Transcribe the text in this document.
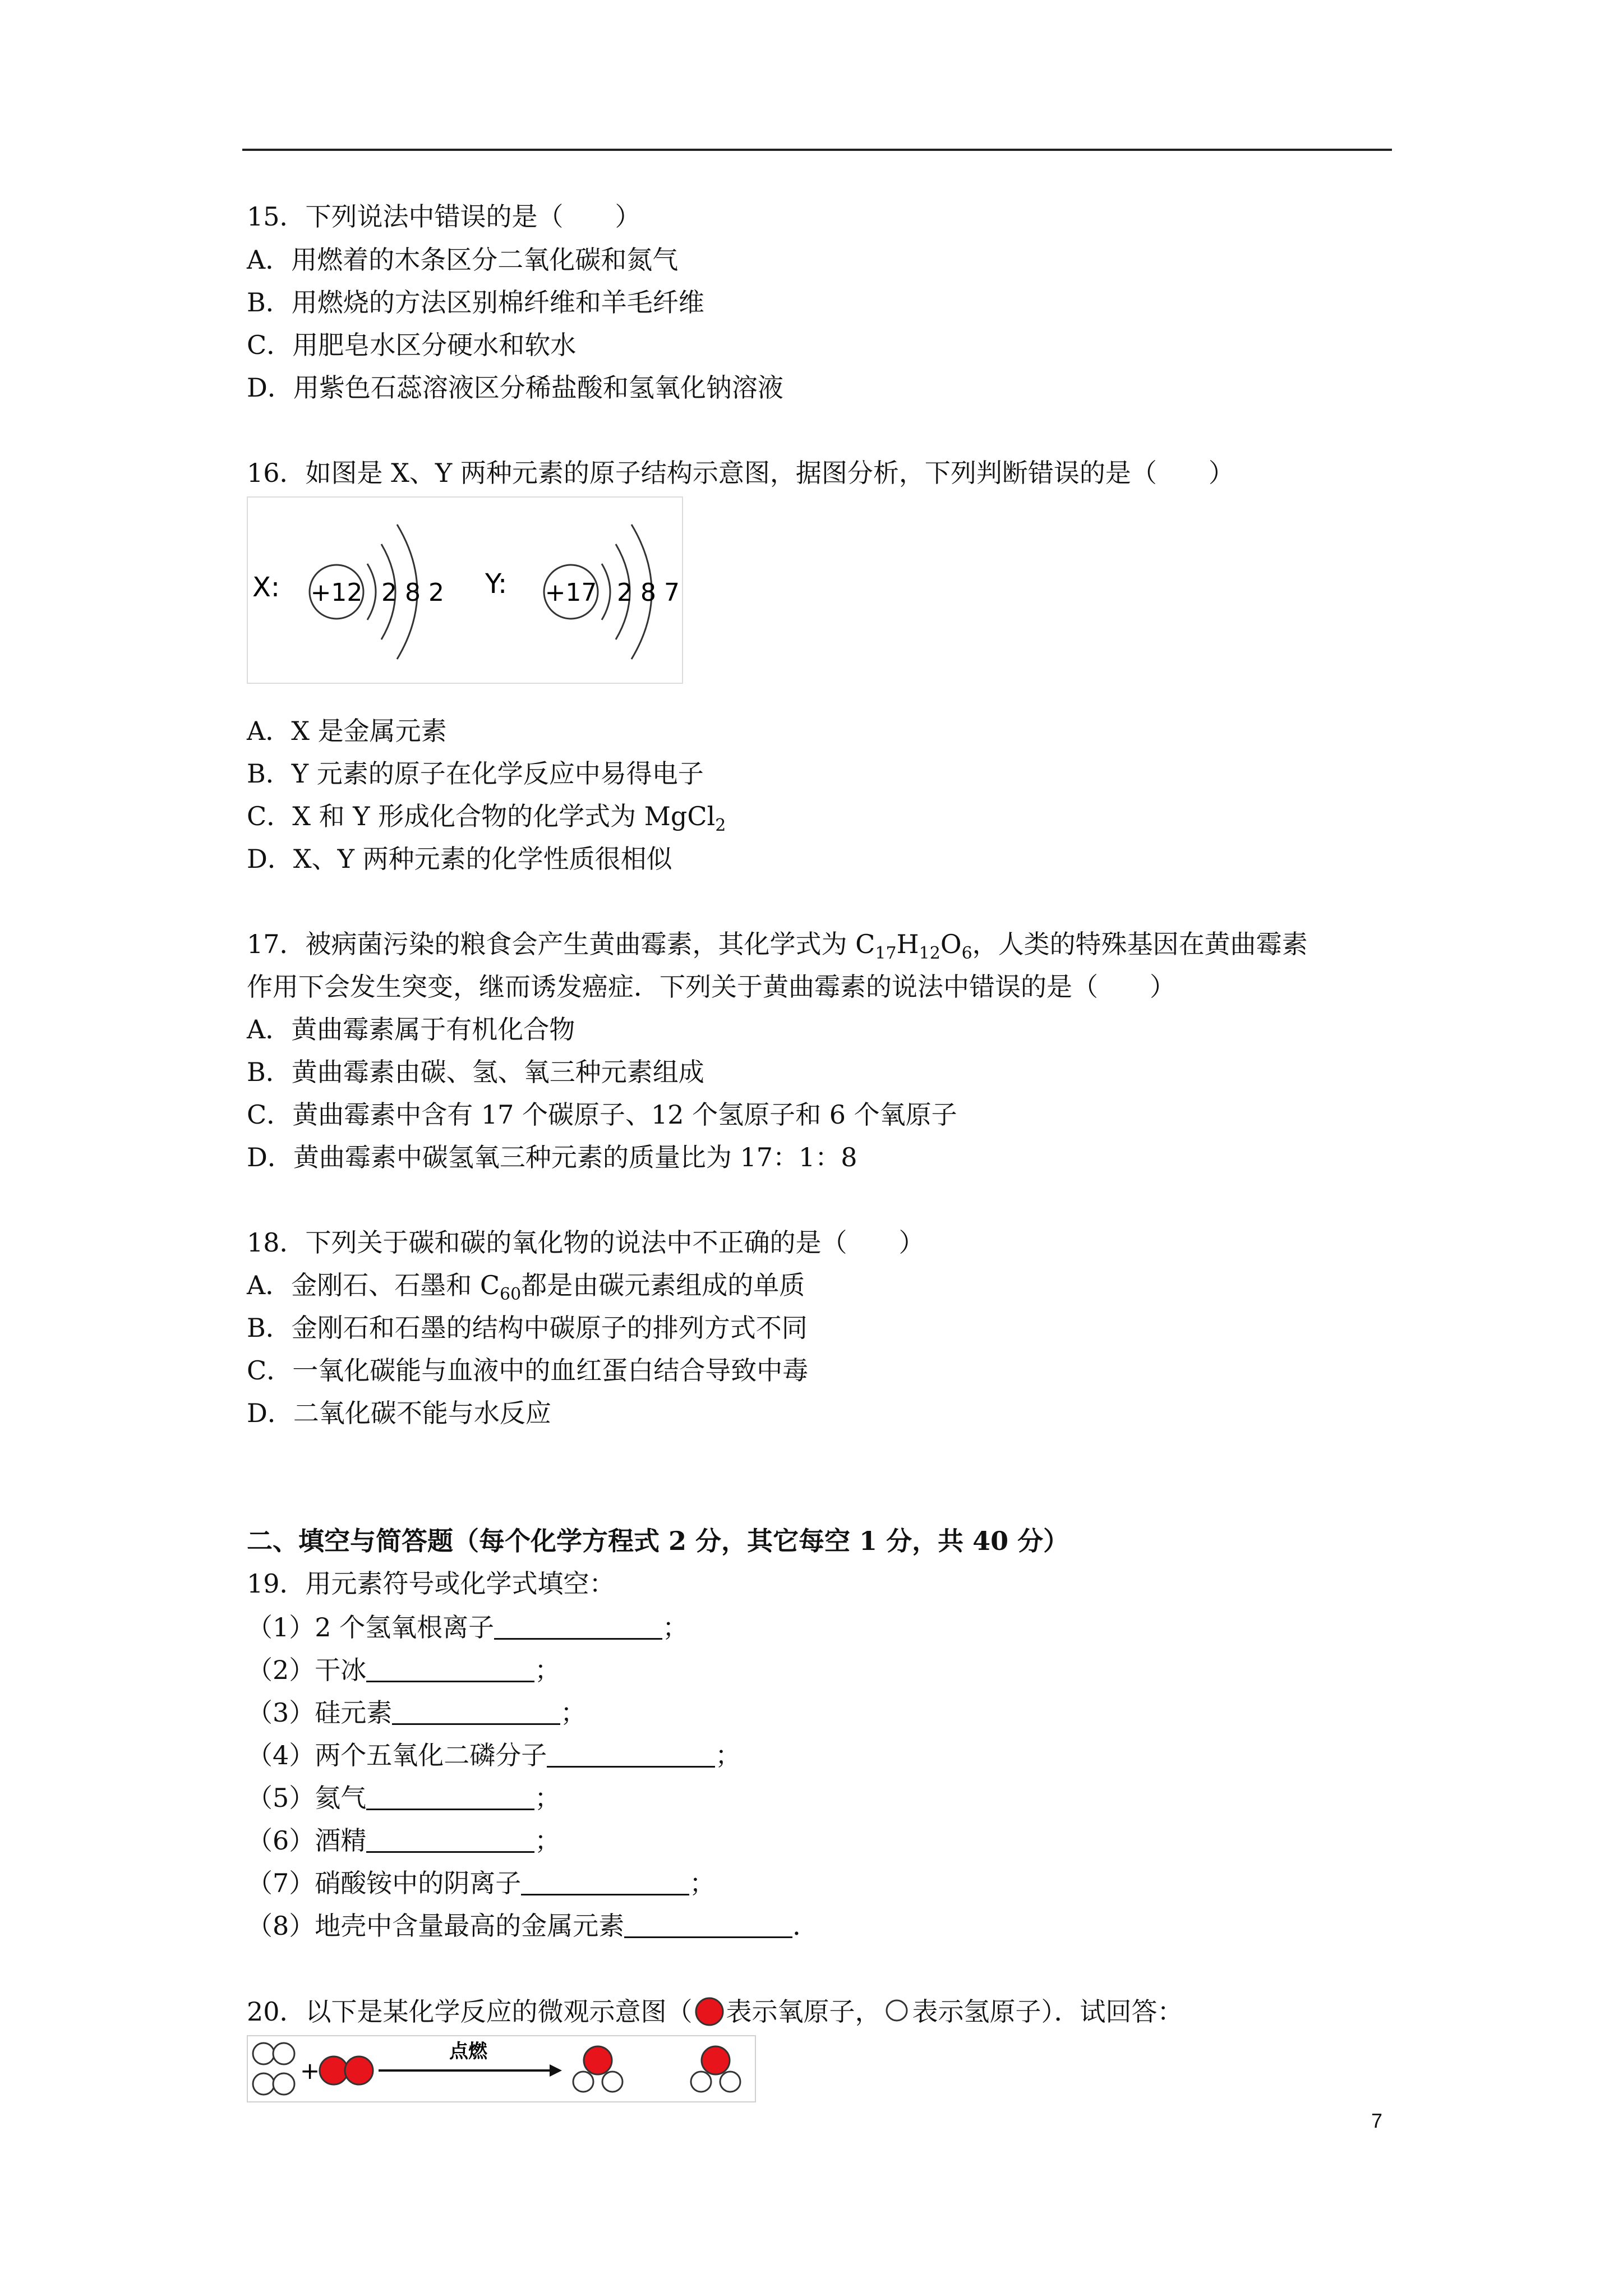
15．下列说法中错误的是（　　）
A．用燃着的木条区分二氧化碳和氮气
B．用燃烧的方法区别棉纤维和羊毛纤维
C．用肥皂水区分硬水和软水
D．用紫色石蕊溶液区分稀盐酸和氢氧化钠溶液
16．如图是 X、Y 两种元素的原子结构示意图，据图分析，下列判断错误的是（　　）
X: +12 2 8 2 Y: +17 2 8 7
A．X 是金属元素
B．Y 元素的原子在化学反应中易得电子
C．X 和 Y 形成化合物的化学式为 MgCl$_2$
D．X、Y 两种元素的化学性质很相似
17．被病菌污染的粮食会产生黄曲霉素，其化学式为 $C_{17}H_{12}O_6$，人类的特殊基因在黄曲霉素
作用下会发生突变，继而诱发癌症．下列关于黄曲霉素的说法中错误的是（　　）
A．黄曲霉素属于有机化合物
B．黄曲霉素由碳、氢、氧三种元素组成
C．黄曲霉素中含有 17 个碳原子、12 个氢原子和 6 个氧原子
D．黄曲霉素中碳氢氧三种元素的质量比为 17：1：8
18．下列关于碳和碳的氧化物的说法中不正确的是（　　）
A．金刚石、石墨和 $C_{60}$都是由碳元素组成的单质
B．金刚石和石墨的结构中碳原子的排列方式不同
C．一氧化碳能与血液中的血红蛋白结合导致中毒
D．二氧化碳不能与水反应
二、填空与简答题（每个化学方程式 2 分，其它每空 1 分，共 40 分）
19．用元素符号或化学式填空：
（1）2 个氢氧根离子	；
（2）干冰	；
（3）硅元素	；
（4）两个五氧化二磷分子	；
（5）氦气	；
（6）酒精	；
（7）硝酸铵中的阴离子	；
（8）地壳中含量最高的金属元素	．
20．以下是某化学反应的微观示意图（ 表示氧原子， 表示氢原子）．试回答：
+
点燃
7
